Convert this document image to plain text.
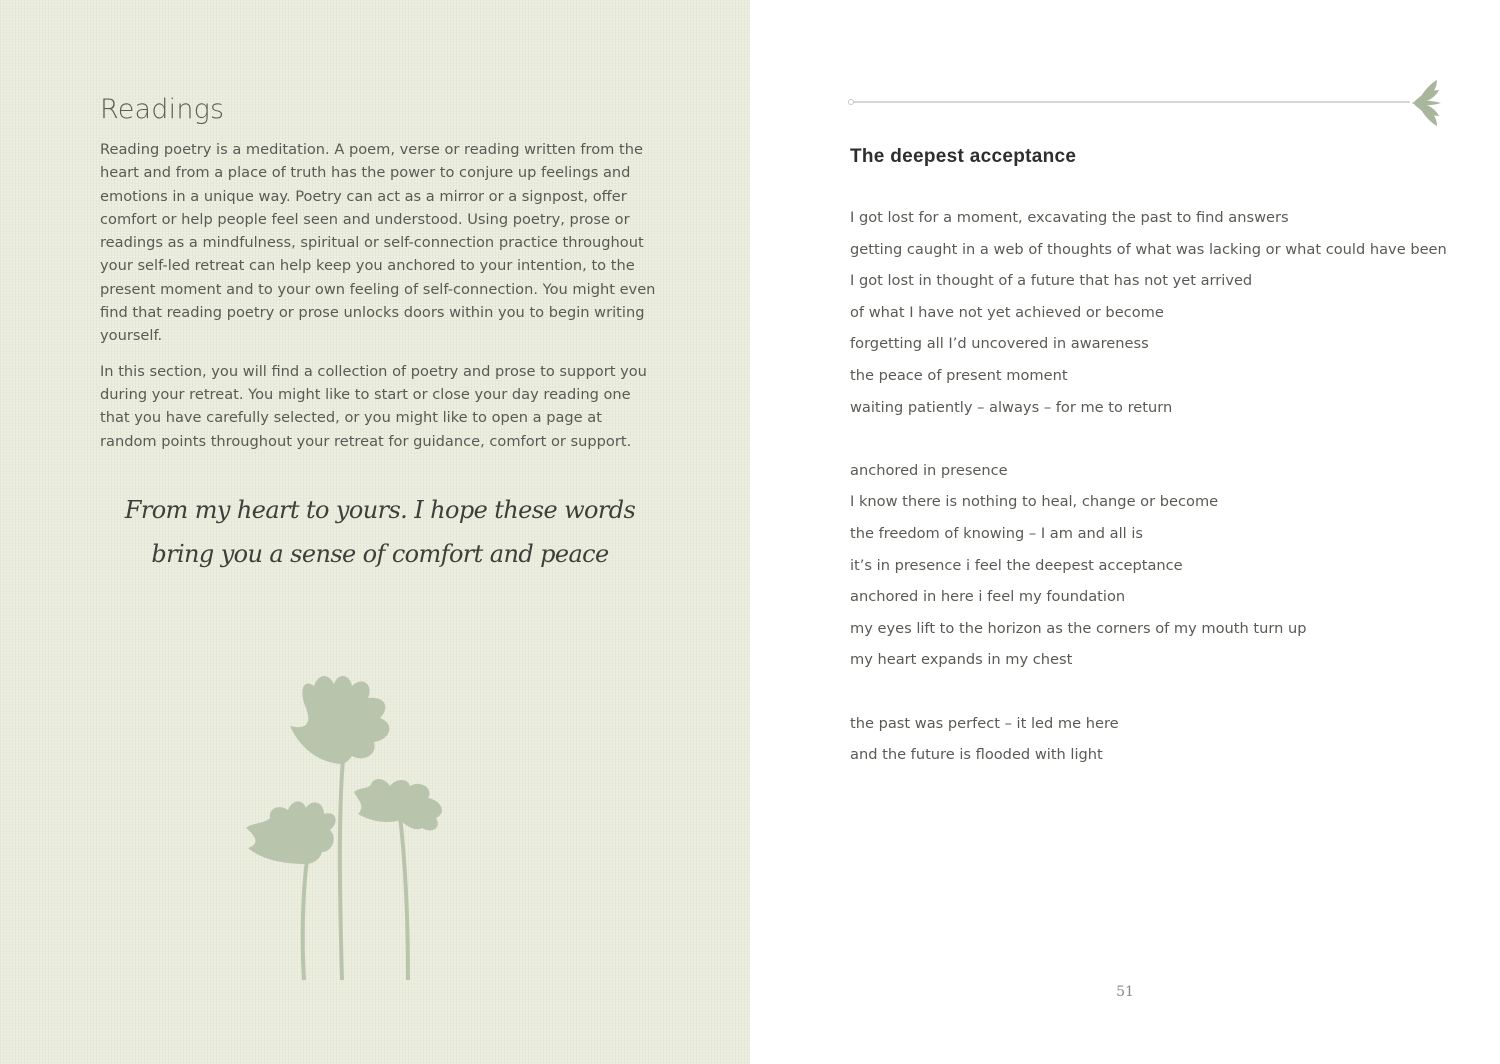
Readings

Reading poetry is a meditation. A poem, verse or reading written from the heart and from a place of truth has the power to conjure up feelings and emotions in a unique way. Poetry can act as a mirror or a signpost, offer comfort or help people feel seen and understood. Using poetry, prose or readings as a mindfulness, spiritual or self-connection practice throughout your self-led retreat can help keep you anchored to your intention, to the present moment and to your own feeling of self-connection. You might even find that reading poetry or prose unlocks doors within you to begin writing yourself.

In this section, you will find a collection of poetry and prose to support you during your retreat. You might like to start or close your day reading one that you have carefully selected, or you might like to open a page at random points throughout your retreat for guidance, comfort or support.

From my heart to yours. I hope these words
bring you a sense of comfort and peace
The deepest acceptance
I got lost for a moment, excavating the past to find answers
getting caught in a web of thoughts of what was lacking or what could have been
I got lost in thought of a future that has not yet arrived
of what I have not yet achieved or become
forgetting all I’d uncovered in awareness
the peace of present moment
waiting patiently – always – for me to return
anchored in presence
I know there is nothing to heal, change or become
the freedom of knowing – I am and all is
it’s in presence i feel the deepest acceptance
anchored in here i feel my foundation
my eyes lift to the horizon as the corners of my mouth turn up
my heart expands in my chest
the past was perfect – it led me here
and the future is flooded with light
51
